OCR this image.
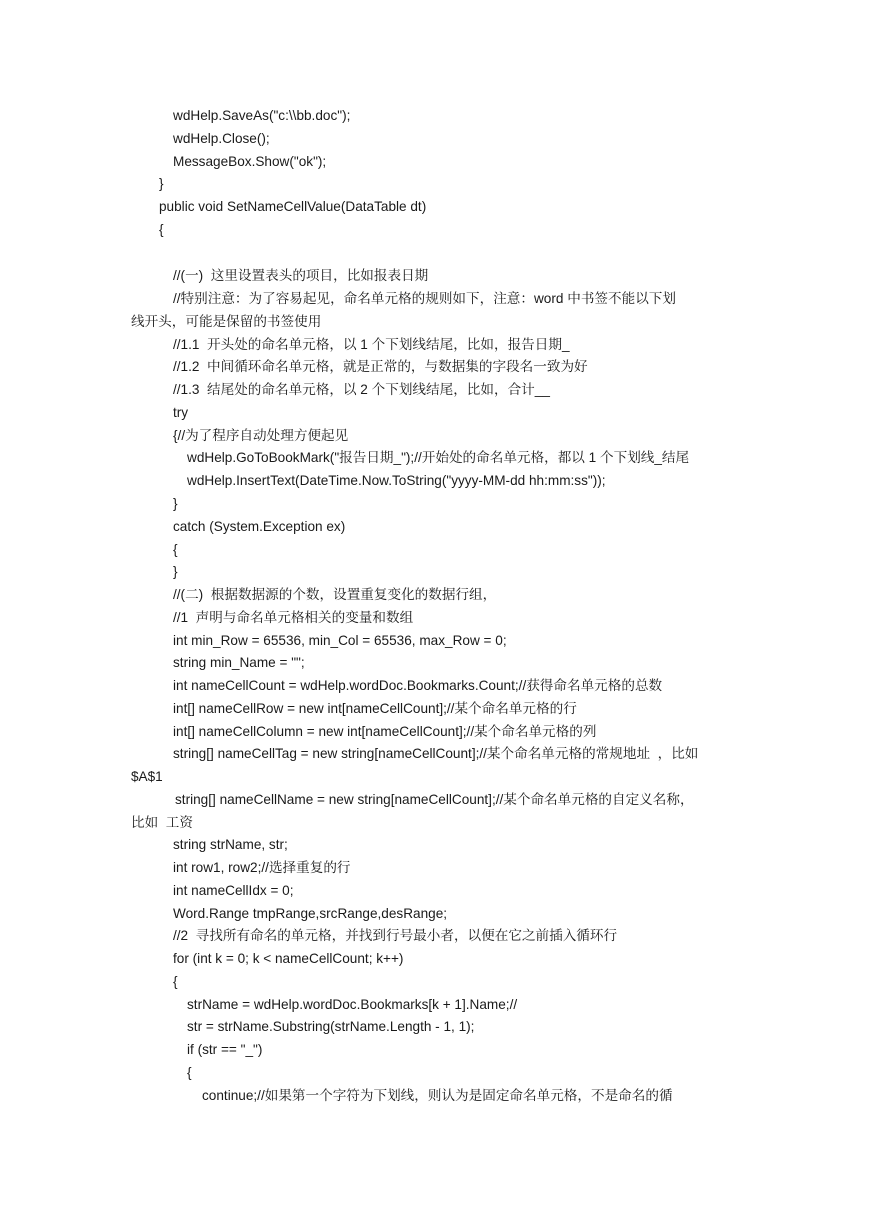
wdHelp.SaveAs("c:\\bb.doc");
wdHelp.Close();
MessageBox.Show("ok");
}
public void SetNameCellValue(DataTable dt)
{
//(一)  这里设置表头的项目，比如报表日期
//特别注意：为了容易起见，命名单元格的规则如下，注意：word 中书签不能以下划
线开头，可能是保留的书签使用
//1.1  开头处的命名单元格，以 1 个下划线结尾，比如，报告日期_
//1.2  中间循环命名单元格，就是正常的，与数据集的字段名一致为好
//1.3  结尾处的命名单元格，以 2 个下划线结尾，比如，合计__
try
{//为了程序自动处理方便起见
wdHelp.GoToBookMark("报告日期_");//开始处的命名单元格，都以 1 个下划线_结尾
wdHelp.InsertText(DateTime.Now.ToString("yyyy-MM-dd hh:mm:ss"));
}
catch (System.Exception ex)
{
}
//(二)  根据数据源的个数，设置重复变化的数据行组，
//1  声明与命名单元格相关的变量和数组
int min_Row = 65536, min_Col = 65536, max_Row = 0;
string min_Name = "";
int nameCellCount = wdHelp.wordDoc.Bookmarks.Count;//获得命名单元格的总数
int[] nameCellRow = new int[nameCellCount];//某个命名单元格的行
int[] nameCellColumn = new int[nameCellCount];//某个命名单元格的列
string[] nameCellTag = new string[nameCellCount];//某个命名单元格的常规地址  ，比如
$A$1
string[] nameCellName = new string[nameCellCount];//某个命名单元格的自定义名称，
比如  工资
string strName, str;
int row1, row2;//选择重复的行
int nameCellIdx = 0;
Word.Range tmpRange,srcRange,desRange;
//2  寻找所有命名的单元格，并找到行号最小者，以便在它之前插入循环行
for (int k = 0; k < nameCellCount; k++)
{
strName = wdHelp.wordDoc.Bookmarks[k + 1].Name;//
str = strName.Substring(strName.Length - 1, 1);
if (str == "_")
{
continue;//如果第一个字符为下划线，则认为是固定命名单元格，不是命名的循
